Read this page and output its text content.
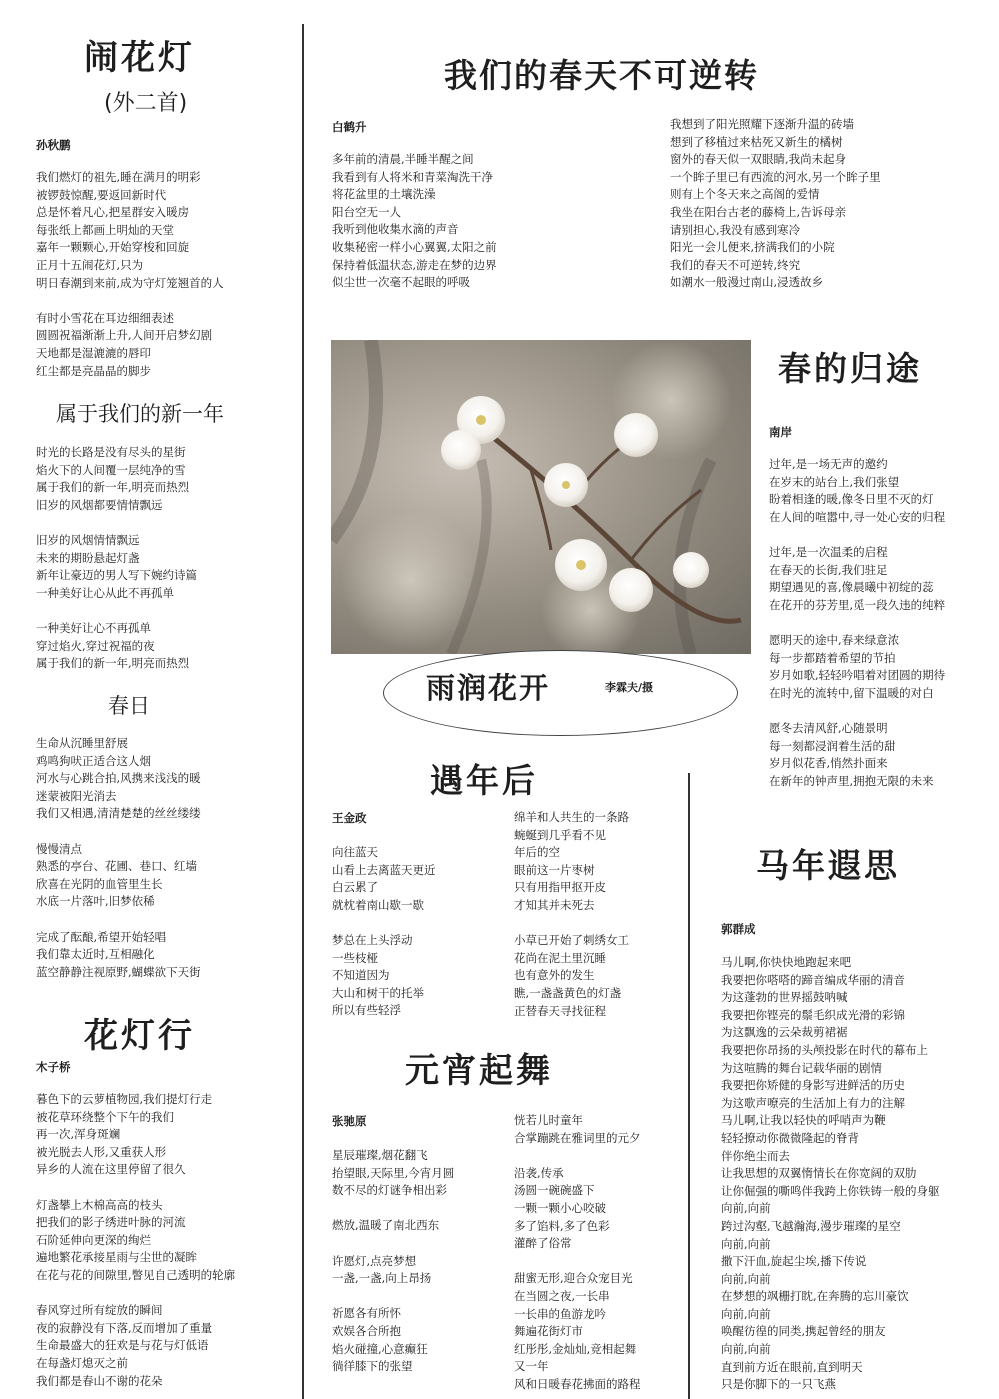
闹花灯
(外二首)
孙秋鹏
我们燃灯的祖先,睡在满月的明彩
被锣鼓惊醒,要返回新时代
总是怀着凡心,把星群安入暖房
每张纸上都画上明灿的天堂
嘉年一颗颗心,开始穿梭和回旋
正月十五闹花灯,只为
明日春潮到来前,成为守灯笼翘首的人
有时小雪花在耳边细细表述
圆圆祝福渐渐上升,人间开启梦幻剧
天地都是湿漉漉的唇印
红尘都是亮晶晶的脚步
属于我们的新一年
时光的长路是没有尽头的星街
焰火下的人间覆一层纯净的雪
属于我们的新一年,明亮而热烈
旧岁的风烟都要情情飘远
旧岁的风烟情情飘远
未来的期盼悬起灯盏
新年让豪迈的男人写下婉约诗篇
一种美好让心从此不再孤单
一种美好让心不再孤单
穿过焰火,穿过祝福的夜
属于我们的新一年,明亮而热烈
春日
生命从沉睡里舒展
鸡鸣狗吠正适合这人烟
河水与心跳合拍,风携来浅浅的暖
迷蒙被阳光消去
我们又相遇,清清楚楚的丝丝缕缕
慢慢清点
熟悉的亭台、花圃、巷口、红墙
欣喜在光阴的血管里生长
水底一片落叶,旧梦依稀
完成了酝酿,希望开始轻唱
我们靠太近时,互相融化
蓝空静静注视原野,蝴蝶欲下天街
花灯行
木子桥
暮色下的云萝植物园,我们提灯行走
被花草环绕整个下午的我们
再一次,浑身斑斓
被光脱去人形,又重获人形
异乡的人流在这里停留了很久
灯盏攀上木棉高高的枝头
把我们的影子绣进叶脉的河流
石阶延伸向更深的绚烂
遍地繁花承接星雨与尘世的凝眸
在花与花的间隙里,瞥见自己透明的轮廓
春风穿过所有绽放的瞬间
夜的寂静没有下落,反而增加了重量
生命最盛大的狂欢是与花与灯低语
在每盏灯熄灭之前
我们都是春山不谢的花朵
我们的春天不可逆转
白鹤升
多年前的清晨,半睡半醒之间
我看到有人将米和青菜淘洗干净
将花盆里的土壤洗澡
阳台空无一人
我听到他收集水滴的声音
收集秘密一样小心翼翼,太阳之前
保持着低温状态,游走在梦的边界
似尘世一次毫不起眼的呼吸
我想到了阳光照耀下逐渐升温的砖墙
想到了移植过来枯死又新生的橘树
窗外的春天似一双眼睛,我尚未起身
一个眸子里已有西流的河水,另一个眸子里
则有上个冬天来之高阁的爱情
我坐在阳台古老的藤椅上,告诉母亲
请别担心,我没有感到寒冷
阳光一会儿便来,挤满我们的小院
我们的春天不可逆转,终究
如潮水一般漫过南山,浸透故乡
雨润花开	李霖夫/摄
遇年后
王金政
向往蓝天
山看上去离蓝天更近
白云累了
就枕着南山歇一歇
梦总在上头浮动
一些枝桠
不知道因为
大山和树干的托举
所以有些轻浮
绵羊和人共生的一条路
蜿蜒到几乎看不见
年后的空
眼前这一片枣树
只有用指甲抠开皮
才知其并未死去
小草已开始了刺绣女工
花尚在泥土里沉睡
也有意外的发生
瞧,一盏盏黄色的灯盏
正替春天寻找征程
元宵起舞
张驰原
星辰璀璨,烟花翻飞
抬望眼,天际里,今宵月圆
数不尽的灯谜争相出彩
燃放,温暖了南北西东
许愿灯,点亮梦想
一盏,一盏,向上昂扬
祈愿各有所怀
欢娱各合所抱
焰火碰撞,心意癫狂
徜徉膝下的张望
恍若儿时童年
合掌蹦跳在雅词里的元夕
沿袭,传承
汤圆一碗碗盛下
一颗一颗小心咬破
多了馅料,多了色彩
灌醉了俗常
甜蜜无形,迎合众宠目光
在当圆之夜,一长串
一长串的鱼游龙吟
舞遍花街灯市
红彤彤,金灿灿,竞相起舞
又一年
风和日暖春花拂面的路程
春的归途
南岸
过年,是一场无声的邀约
在岁末的站台上,我们张望
盼着相逢的暖,像冬日里不灭的灯
在人间的喧嚣中,寻一处心安的归程
过年,是一次温柔的启程
在春天的长街,我们驻足
期望遇见的喜,像晨曦中初绽的蕊
在花开的芬芳里,觅一段久违的纯粹
愿明天的途中,春来绿意浓
每一步都踏着希望的节拍
岁月如歌,轻轻吟唱着对团圆的期待
在时光的流转中,留下温暖的对白
愿冬去清风舒,心随景明
每一刻都浸润着生活的甜
岁月似花香,悄然扑面来
在新年的钟声里,拥抱无限的未来
马年遐思
郭群成
马儿啊,你快快地跑起来吧
我要把你嗒嗒的蹄音编成华丽的清音
为这蓬勃的世界摇鼓呐喊
我要把你铿亮的鬃毛织成光滑的彩锦
为这飘逸的云朵裁剪裙裾
我要把你昂扬的头颅投影在时代的幕布上
为这喧腾的舞台记载华丽的剧情
我要把你矫健的身影写进鲜活的历史
为这歌声嘹亮的生活加上有力的注解
马儿啊,让我以轻快的呼哨声为鞭
轻轻撩动你微微隆起的脊背
伴你绝尘而去
让我思想的双翼惰情长在你宽阔的双肋
让你倔强的嘶鸣伴我跨上你铁铸一般的身躯
向前,向前
跨过沟壑,飞越瀚海,漫步璀璨的星空
向前,向前
撒下汗血,旋起尘埃,播下传说
向前,向前
在梦想的飒栅打眈,在奔腾的忘川豪饮
向前,向前
唤醒彷徨的同类,携起曾经的朋友
向前,向前
直到前方近在眼前,直到明天
只是你脚下的一只飞燕
